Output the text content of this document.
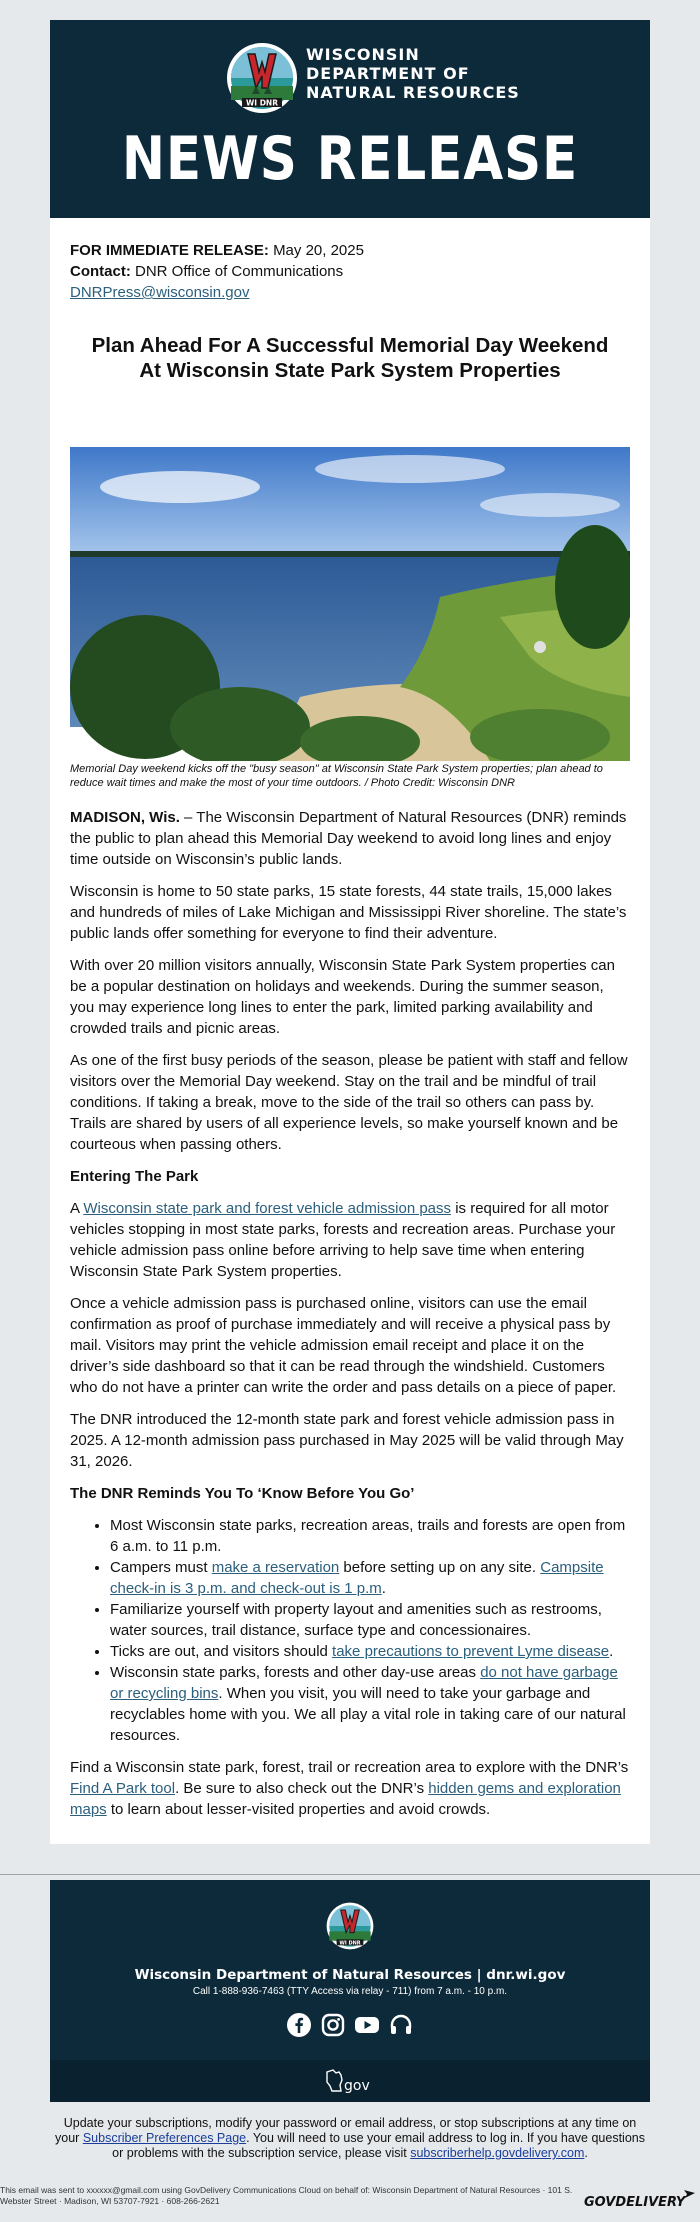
WI DNR
WISCONSIN
DEPARTMENT OF
NATURAL RESOURCES
NEWS RELEASE
FOR IMMEDIATE RELEASE: May 20, 2025
Contact: DNR Office of Communications
DNRPress@wisconsin.gov
Plan Ahead For A Successful Memorial Day Weekend
At Wisconsin State Park System Properties
Memorial Day weekend kicks off the "busy season" at Wisconsin State Park System properties; plan ahead to reduce wait times and make the most of your time outdoors. / Photo Credit: Wisconsin DNR

MADISON, Wis. – The Wisconsin Department of Natural Resources (DNR) reminds the public to plan ahead this Memorial Day weekend to avoid long lines and enjoy time outside on Wisconsin’s public lands.

Wisconsin is home to 50 state parks, 15 state forests, 44 state trails, 15,000 lakes and hundreds of miles of Lake Michigan and Mississippi River shoreline. The state’s public lands offer something for everyone to find their adventure.

With over 20 million visitors annually, Wisconsin State Park System properties can be a popular destination on holidays and weekends. During the summer season, you may experience long lines to enter the park, limited parking availability and crowded trails and picnic areas.

As one of the first busy periods of the season, please be patient with staff and fellow visitors over the Memorial Day weekend. Stay on the trail and be mindful of trail conditions. If taking a break, move to the side of the trail so others can pass by. Trails are shared by users of all experience levels, so make yourself known and be courteous when passing others.

Entering The Park

A Wisconsin state park and forest vehicle admission pass is required for all motor vehicles stopping in most state parks, forests and recreation areas. Purchase your vehicle admission pass online before arriving to help save time when entering Wisconsin State Park System properties.

Once a vehicle admission pass is purchased online, visitors can use the email confirmation as proof of purchase immediately and will receive a physical pass by mail. Visitors may print the vehicle admission email receipt and place it on the driver’s side dashboard so that it can be read through the windshield. Customers who do not have a printer can write the order and pass details on a piece of paper.

The DNR introduced the 12-month state park and forest vehicle admission pass in 2025. A 12-month admission pass purchased in May 2025 will be valid through May 31, 2026.

The DNR Reminds You To ‘Know Before You Go’
• Most Wisconsin state parks, recreation areas, trails and forests are open from 6 a.m. to 11 p.m.
• Campers must make a reservation before setting up on any site. Campsite check-in is 3 p.m. and check-out is 1 p.m.
• Familiarize yourself with property layout and amenities such as restrooms, water sources, trail distance, surface type and concessionaires.
• Ticks are out, and visitors should take precautions to prevent Lyme disease.
• Wisconsin state parks, forests and other day-use areas do not have garbage or recycling bins. When you visit, you will need to take your garbage and recyclables home with you. We all play a vital role in taking care of our natural resources.

Find a Wisconsin state park, forest, trail or recreation area to explore with the DNR’s Find A Park tool. Be sure to also check out the DNR’s hidden gems and exploration maps to learn about lesser-visited properties and avoid crowds.

WI DNR
Wisconsin Department of Natural Resources | dnr.wi.gov
Call 1-888-936-7463 (TTY Access via relay - 711) from 7 a.m. - 10 p.m.
gov
Update your subscriptions, modify your password or email address, or stop subscriptions at any time on your Subscriber Preferences Page. You will need to use your email address to log in. If you have questions or problems with the subscription service, please visit subscriberhelp.govdelivery.com.
This email was sent to xxxxxx@gmail.com using GovDelivery Communications Cloud on behalf of: Wisconsin Department of Natural Resources · 101 S. Webster Street · Madison, WI 53707-7921 · 608-266-2621	GOVDELIVERY
